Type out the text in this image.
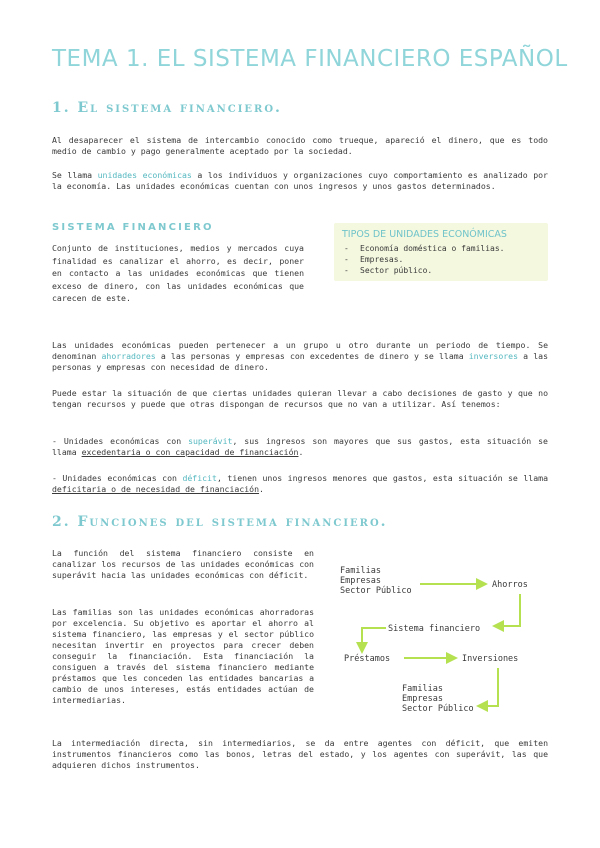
TEMA 1. EL SISTEMA FINANCIERO ESPAÑOL
1. El sistema financiero.
Al desaparecer el sistema de intercambio conocido como trueque, apareció el dinero, que es todo medio de cambio y pago generalmente aceptado por la sociedad.
Se llama unidades económicas a los individuos y organizaciones cuyo comportamiento es analizado por la economía. Las unidades económicas cuentan con unos ingresos y unos gastos determinados.
SISTEMA FINANCIERO
Conjunto de instituciones, medios y mercados cuya finalidad es canalizar el ahorro, es decir, poner en contacto a las unidades económicas que tienen exceso de dinero, con las unidades económicas que carecen de este.
TIPOS DE UNIDADES ECONÓMICAS
- Economía doméstica o familias.
- Empresas.
- Sector público.
Las unidades económicas pueden pertenecer a un grupo u otro durante un periodo de tiempo. Se denominan ahorradores a las personas y empresas con excedentes de dinero y se llama inversores a las personas y empresas con necesidad de dinero.
Puede estar la situación de que ciertas unidades quieran llevar a cabo decisiones de gasto y que no tengan recursos y puede que otras dispongan de recursos que no van a utilizar. Así tenemos:
- Unidades económicas con superávit, sus ingresos son mayores que sus gastos, esta situación se llama excedentaria o con capacidad de financiación.
- Unidades económicas con déficit, tienen unos ingresos menores que gastos, esta situación se llama deficitaria o de necesidad de financiación.
2. Funciones del sistema financiero.
La función del sistema financiero consiste en canalizar los recursos de las unidades económicas con superávit hacia las unidades económicas con déficit.
Las familias son las unidades económicas ahorradoras por excelencia. Su objetivo es aportar el ahorro al sistema financiero, las empresas y el sector público necesitan invertir en proyectos para crecer deben conseguir la financiación. Esta financiación la consiguen a través del sistema financiero mediante préstamos que les conceden las entidades bancarias a cambio de unos intereses, estás entidades actúan de intermediarias.
Familias
Empresas
Sector Público
Ahorros
Sistema financiero
Préstamos	Inversiones
Familias
Empresas
Sector Público
La intermediación directa, sin intermediarios, se da entre agentes con déficit, que emiten instrumentos financieros como las bonos, letras del estado, y los agentes con superávit, las que adquieren dichos instrumentos.
